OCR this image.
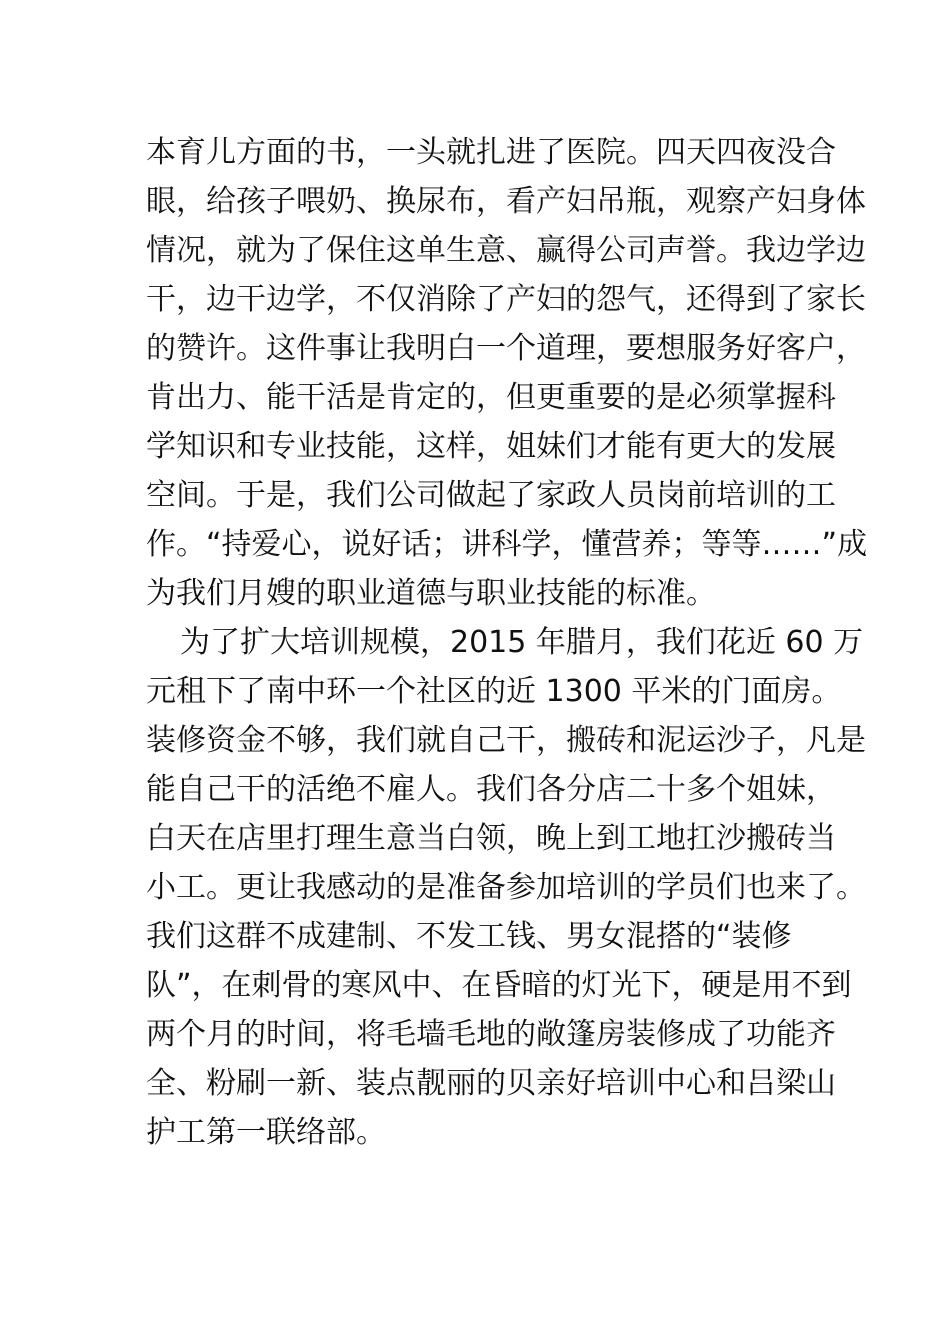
本育儿方面的书，一头就扎进了医院。四天四夜没合
眼，给孩子喂奶、换尿布，看产妇吊瓶，观察产妇身体
情况，就为了保住这单生意、赢得公司声誉。我边学边
干，边干边学，不仅消除了产妇的怨气，还得到了家长
的赞许。这件事让我明白一个道理，要想服务好客户，
肯出力、能干活是肯定的，但更重要的是必须掌握科
学知识和专业技能，这样，姐妹们才能有更大的发展
空间。于是，我们公司做起了家政人员岗前培训的工
作。“持爱心，说好话；讲科学，懂营养；等等……”成
为我们月嫂的职业道德与职业技能的标准。
为了扩大培训规模，2015 年腊月，我们花近 60 万
元租下了南中环一个社区的近 1300 平米的门面房。
装修资金不够，我们就自己干，搬砖和泥运沙子，凡是
能自己干的活绝不雇人。我们各分店二十多个姐妹，
白天在店里打理生意当白领，晚上到工地扛沙搬砖当
小工。更让我感动的是准备参加培训的学员们也来了。
我们这群不成建制、不发工钱、男女混搭的“装修
队”，在刺骨的寒风中、在昏暗的灯光下，硬是用不到
两个月的时间，将毛墙毛地的敞篷房装修成了功能齐
全、粉刷一新、装点靓丽的贝亲好培训中心和吕梁山
护工第一联络部。
